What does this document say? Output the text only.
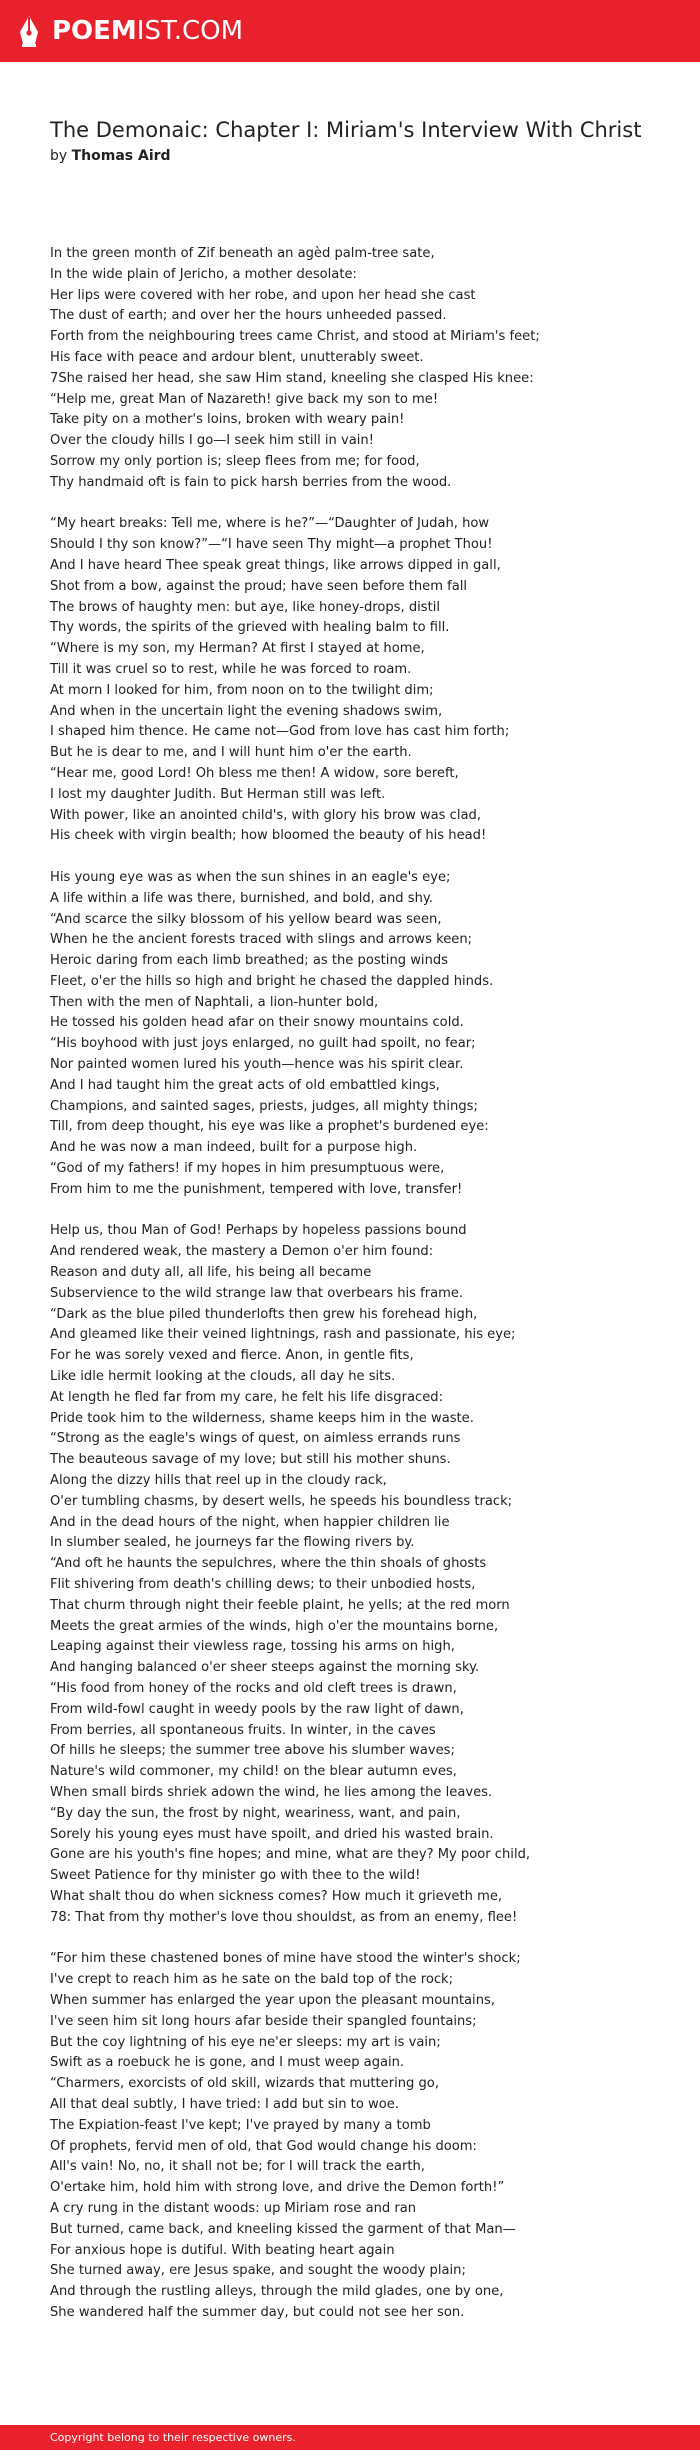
POEMIST.COM
The Demonaic: Chapter I: Miriam's Interview With Christ
by Thomas Aird
In the green month of Zif beneath an agèd palm-tree sate,
In the wide plain of Jericho, a mother desolate:
Her lips were covered with her robe, and upon her head she cast
The dust of earth; and over her the hours unheeded passed.
Forth from the neighbouring trees came Christ, and stood at Miriam's feet;
His face with peace and ardour blent, unutterably sweet.
7She raised her head, she saw Him stand, kneeling she clasped His knee:
“Help me, great Man of Nazareth! give back my son to me!
Take pity on a mother's loins, broken with weary pain!
Over the cloudy hills I go—I seek him still in vain!
Sorrow my only portion is; sleep flees from me; for food,
Thy handmaid oft is fain to pick harsh berries from the wood.
“My heart breaks: Tell me, where is he?”—“Daughter of Judah, how
Should I thy son know?”—“I have seen Thy might—a prophet Thou!
And I have heard Thee speak great things, like arrows dipped in gall,
Shot from a bow, against the proud; have seen before them fall
The brows of haughty men: but aye, like honey-drops, distil
Thy words, the spirits of the grieved with healing balm to fill.
“Where is my son, my Herman? At first I stayed at home,
Till it was cruel so to rest, while he was forced to roam.
At morn I looked for him, from noon on to the twilight dim;
And when in the uncertain light the evening shadows swim,
I shaped him thence. He came not—God from love has cast him forth;
But he is dear to me, and I will hunt him o'er the earth.
“Hear me, good Lord! Oh bless me then! A widow, sore bereft,
I lost my daughter Judith. But Herman still was left.
With power, like an anointed child's, with glory his brow was clad,
His cheek with virgin bealth; how bloomed the beauty of his head!
His young eye was as when the sun shines in an eagle's eye;
A life within a life was there, burnished, and bold, and shy.
“And scarce the silky blossom of his yellow beard was seen,
When he the ancient forests traced with slings and arrows keen;
Heroic daring from each limb breathed; as the posting winds
Fleet, o'er the hills so high and bright he chased the dappled hinds.
Then with the men of Naphtali, a lion-hunter bold,
He tossed his golden head afar on their snowy mountains cold.
“His boyhood with just joys enlarged, no guilt had spoilt, no fear;
Nor painted women lured his youth—hence was his spirit clear.
And I had taught him the great acts of old embattled kings,
Champions, and sainted sages, priests, judges, all mighty things;
Till, from deep thought, his eye was like a prophet's burdened eye:
And he was now a man indeed, built for a purpose high.
“God of my fathers! if my hopes in him presumptuous were,
From him to me the punishment, tempered with love, transfer!
Help us, thou Man of God! Perhaps by hopeless passions bound
And rendered weak, the mastery a Demon o'er him found:
Reason and duty all, all life, his being all became
Subservience to the wild strange law that overbears his frame.
“Dark as the blue piled thunderlofts then grew his forehead high,
And gleamed like their veined lightnings, rash and passionate, his eye;
For he was sorely vexed and fierce. Anon, in gentle fits,
Like idle hermit looking at the clouds, all day he sits.
At length he fled far from my care, he felt his life disgraced:
Pride took him to the wilderness, shame keeps him in the waste.
“Strong as the eagle's wings of quest, on aimless errands runs
The beauteous savage of my love; but still his mother shuns.
Along the dizzy hills that reel up in the cloudy rack,
O'er tumbling chasms, by desert wells, he speeds his boundless track;
And in the dead hours of the night, when happier children lie
In slumber sealed, he journeys far the flowing rivers by.
“And oft he haunts the sepulchres, where the thin shoals of ghosts
Flit shivering from death's chilling dews; to their unbodied hosts,
That churm through night their feeble plaint, he yells; at the red morn
Meets the great armies of the winds, high o'er the mountains borne,
Leaping against their viewless rage, tossing his arms on high,
And hanging balanced o'er sheer steeps against the morning sky.
“His food from honey of the rocks and old cleft trees is drawn,
From wild-fowl caught in weedy pools by the raw light of dawn,
From berries, all spontaneous fruits. In winter, in the caves
Of hills he sleeps; the summer tree above his slumber waves;
Nature's wild commoner, my child! on the blear autumn eves,
When small birds shriek adown the wind, he lies among the leaves.
“By day the sun, the frost by night, weariness, want, and pain,
Sorely his young eyes must have spoilt, and dried his wasted brain.
Gone are his youth's fine hopes; and mine, what are they? My poor child,
Sweet Patience for thy minister go with thee to the wild!
What shalt thou do when sickness comes? How much it grieveth me,
78: That from thy mother's love thou shouldst, as from an enemy, flee!
“For him these chastened bones of mine have stood the winter's shock;
I've crept to reach him as he sate on the bald top of the rock;
When summer has enlarged the year upon the pleasant mountains,
I've seen him sit long hours afar beside their spangled fountains;
But the coy lightning of his eye ne'er sleeps: my art is vain;
Swift as a roebuck he is gone, and I must weep again.
“Charmers, exorcists of old skill, wizards that muttering go,
All that deal subtly, I have tried: I add but sin to woe.
The Expiation-feast I've kept; I've prayed by many a tomb
Of prophets, fervid men of old, that God would change his doom:
All's vain! No, no, it shall not be; for I will track the earth,
O'ertake him, hold him with strong love, and drive the Demon forth!”
A cry rung in the distant woods: up Miriam rose and ran
But turned, came back, and kneeling kissed the garment of that Man—
For anxious hope is dutiful. With beating heart again
She turned away, ere Jesus spake, and sought the woody plain;
And through the rustling alleys, through the mild glades, one by one,
She wandered half the summer day, but could not see her son.
Copyright belong to their respective owners.
